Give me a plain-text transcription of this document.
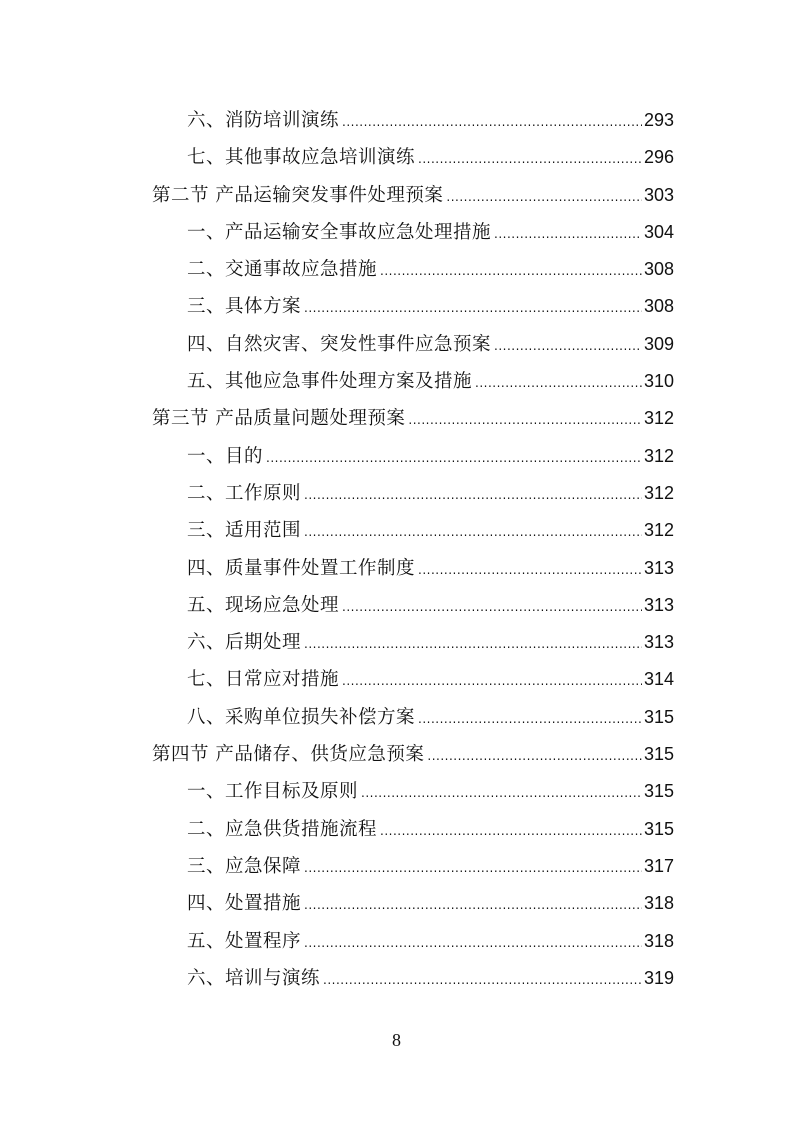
六、消防培训演练 .....	293
七、其他事故应急培训演练 .....	296
第二节 产品运输突发事件处理预案 .....	303
一、产品运输安全事故应急处理措施 .....	304
二、交通事故应急措施 .....	308
三、具体方案 .....	308
四、自然灾害、突发性事件应急预案 .....	309
五、其他应急事件处理方案及措施 .....	310
第三节 产品质量问题处理预案 .....	312
一、目的 .....	312
二、工作原则 .....	312
三、适用范围 .....	312
四、质量事件处置工作制度 .....	313
五、现场应急处理 .....	313
六、后期处理 .....	313
七、日常应对措施 .....	314
八、采购单位损失补偿方案 .....	315
第四节 产品储存、供货应急预案 .....	315
一、工作目标及原则 .....	315
二、应急供货措施流程 .....	315
三、应急保障 .....	317
四、处置措施 .....	318
五、处置程序 .....	318
六、培训与演练 .....	319
8
